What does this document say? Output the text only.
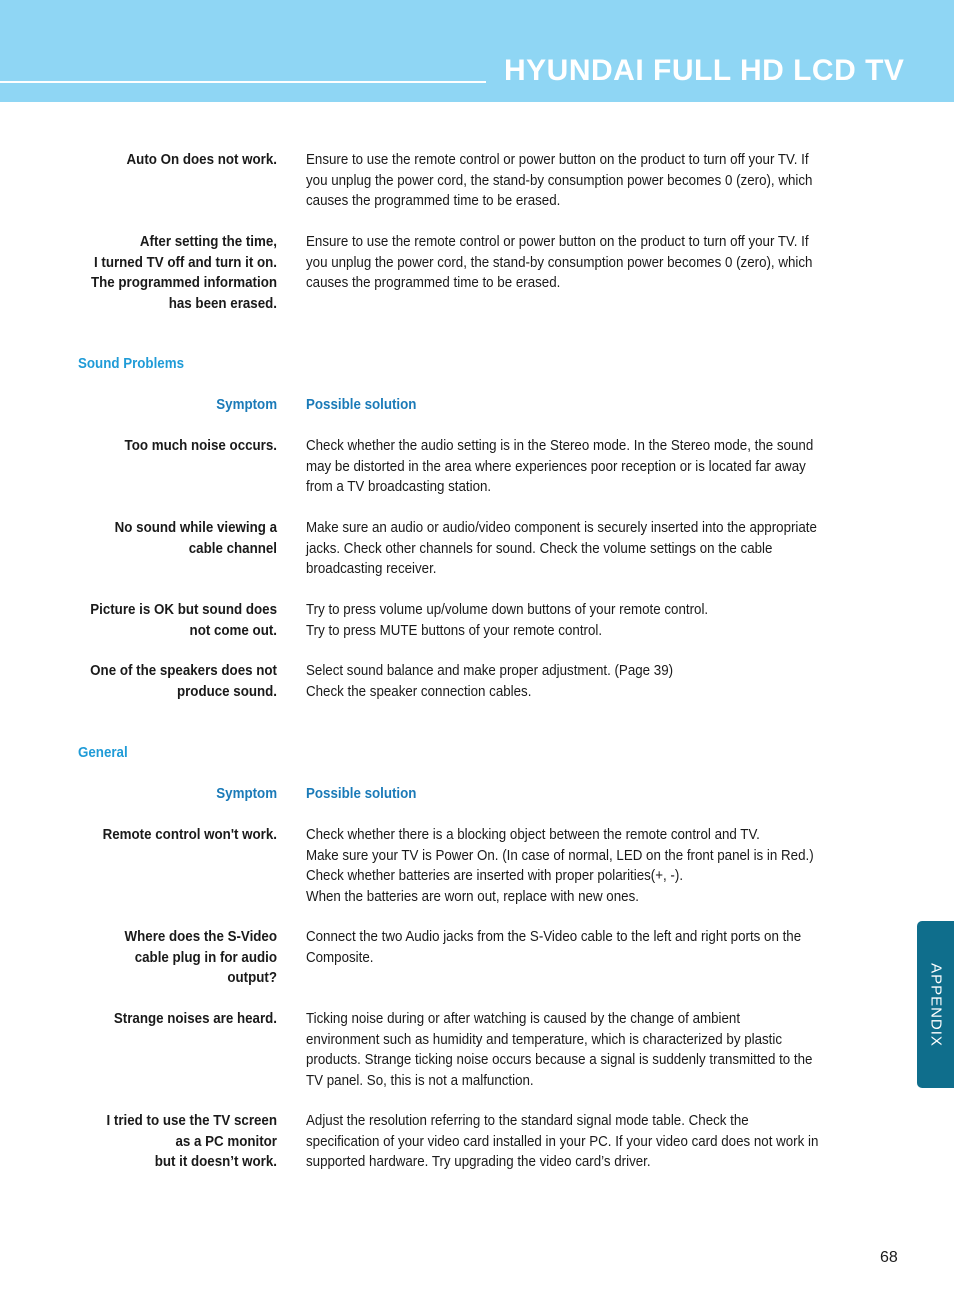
HYUNDAI FULL HD LCD TV

Auto On does not work. Ensure to use the remote control or power button on the product to turn off your TV. If
you unplug the power cord, the stand-by consumption power becomes 0 (zero), which
causes the programmed time to be erased.

After setting the time,
I turned TV off and turn it on.
The programmed information
has been erased.

Ensure to use the remote control or power button on the product to turn off your TV. If
you unplug the power cord, the stand-by consumption power becomes 0 (zero), which
causes the programmed time to be erased.

Sound Problems

Symptom Possible solution

Too much noise occurs. Check whether the audio setting is in the Stereo mode. In the Stereo mode, the sound
may be distorted in the area where experiences poor reception or is located far away
from a TV broadcasting station.

No sound while viewing a
cable channel

Make sure an audio or audio/video component is securely inserted into the appropriate
jacks. Check other channels for sound. Check the volume settings on the cable
broadcasting receiver.

Picture is OK but sound does
not come out.

Try to press volume up/volume down buttons of your remote control.
Try to press MUTE buttons of your remote control.

One of the speakers does not
produce sound.

Select sound balance and make proper adjustment. (Page 39)
Check the speaker connection cables.

General

Symptom Possible solution

Remote control won't work. Check whether there is a blocking object between the remote control and TV.
Make sure your TV is Power On. (In case of normal, LED on the front panel is in Red.)
Check whether batteries are inserted with proper polarities(+, -).
When the batteries are worn out, replace with new ones.

Where does the S-Video
cable plug in for audio
output?

Connect the two Audio jacks from the S-Video cable to the left and right ports on the
Composite.

Strange noises are heard. Ticking noise during or after watching is caused by the change of ambient
environment such as humidity and temperature, which is characterized by plastic
products. Strange ticking noise occurs because a signal is suddenly transmitted to the
TV panel. So, this is not a malfunction.

I tried to use the TV screen
as a PC monitor
but it doesn’t work.

Adjust the resolution referring to the standard signal mode table. Check the
specification of your video card installed in your PC. If your video card does not work in
supported hardware. Try upgrading the video card’s driver.

APPENDIX
68
